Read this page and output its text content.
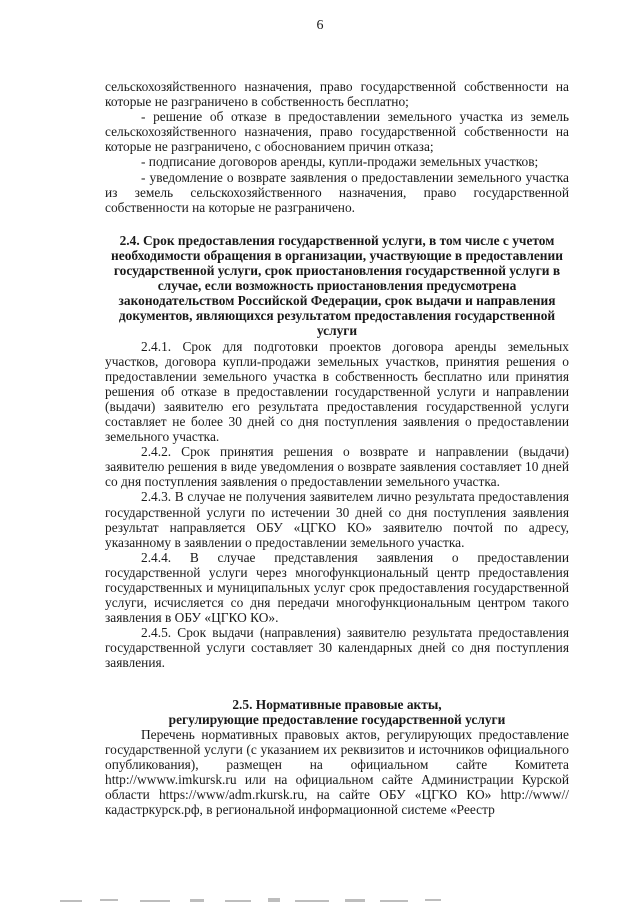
6

сельскохозяйственного назначения, право государственной собственности на которые не разграничено в собственность бесплатно;

- решение об отказе в предоставлении земельного участка из земель сельскохозяйственного назначения, право государственной собственности на которые не разграничено, с обоснованием причин отказа;

- подписание договоров аренды, купли-продажи земельных участков;

- уведомление о возврате заявления о предоставлении земельного участка из земель сельскохозяйственного назначения, право государственной собственности на которые не разграничено.

2.4. Срок предоставления государственной услуги, в том числе с учетом необходимости обращения в организации, участвующие в предоставлении государственной услуги, срок приостановления государственной услуги в случае, если возможность приостановления предусмотрена законодательством Российской Федерации, срок выдачи и направления документов, являющихся результатом предоставления государственной услуги

2.4.1. Срок для подготовки проектов договора аренды земельных участков, договора купли-продажи земельных участков, принятия решения о предоставлении земельного участка в собственность бесплатно или принятия решения об отказе в предоставлении государственной услуги и направлении (выдачи) заявителю его результата предоставления государственной услуги составляет не более 30 дней со дня поступления заявления о предоставлении земельного участка.

2.4.2. Срок принятия решения о возврате и направлении (выдачи) заявителю решения в виде уведомления о возврате заявления составляет 10 дней со дня поступления заявления о предоставлении земельного участка.

2.4.3. В случае не получения заявителем лично результата предоставления государственной услуги по истечении 30 дней со дня поступления заявления результат направляется ОБУ «ЦГКО КО» заявителю почтой по адресу, указанному в заявлении о предоставлении земельного участка.

2.4.4. В случае представления заявления о предоставлении государственной услуги через многофункциональный центр предоставления государственных и муниципальных услуг срок предоставления государственной услуги, исчисляется со дня передачи многофункциональным центром такого заявления в ОБУ «ЦГКО КО».

2.4.5. Срок выдачи (направления) заявителю результата предоставления государственной услуги составляет 30 календарных дней со дня поступления заявления.

2.5. Нормативные правовые акты,

регулирующие предоставление государственной услуги

Перечень нормативных правовых актов, регулирующих предоставление государственной услуги (с указанием их реквизитов и источников официального опубликования), размещен на официальном сайте Комитета http://wwww.imkursk.ru или на официальном сайте Администрации Курской области https://www/adm.rkursk.ru, на сайте ОБУ «ЦГКО КО» http://www//кадастркурск.рф, в региональной информационной системе «Реестр
